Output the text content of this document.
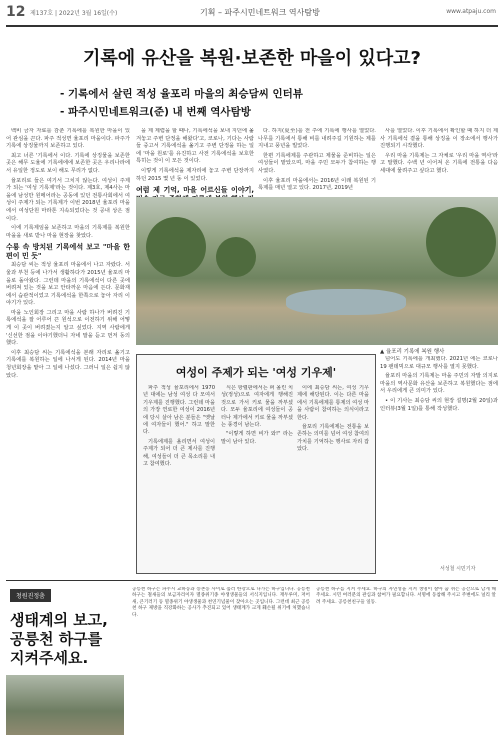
12 제137호 | 2022년 3월 16일(수)	기획 – 파주시민네트워크 역사탐방	www.atpaju.com
기록에 유산을 복원·보존한 마을이 있다고?
- 기록에서 살린 적성 율포리 마을의 최승담씨 인터뷰
- 파주시민네트워크(준) 내 번째 역사탐방

백비 금자 자료를 감춘 기록에를 복원한 마을이 있어 관심을 끈다. 파주 적성면 율포리 마을이다. 파주가 기록에 상징물까지 보존하고 있다.

최고 너른 '기록에서 이다. 기록에 상징물을 보존한 곳은 해무 도율에 기록에에에 보존한 곳은 우리나라에서 유일한 정도로 보이 해도 무리가 없다.

율포리로 들은 여기서 그치지 않는다. 여성이 주제가 되는 '여성 기록제'라는 것이다. 제3호, 제4사는 마을에 남성만 원메어라는 공동에 있던 전통사회에서 여성이 주제가 되는 기록제가 이번 2018년 율포리 마을에서 여성단원 마라톤 지속되었다는 것 공내 상은 점이다.

이에 기록제임을 보존하고 마을의 기록제를 복원한 마을을 새로 받나 마을 현장을 찾았다.

수룡 속 방치된 기록에석 보고 "마을 한편이 민 듯"

최승담 씨는 적성 율포리 마을에서 나고 자랐다. 서울과 부천 등에 나가서 생활하다가 2015년 율포리 마을로 돌아왔다. 그런데 마을의 기록에석이 다른 곳에 버려져 있는 것을 보고 안타까운 마음에 든다. 문화재에서 습관적이었고 기록에석을 한쪽으로 놓아 자리 이야기가 있다.

마을 노인회장 그리고 마을 사람 하나가 버려진 기록에석을 잘 어루어 끈 원석으로 이전하기 위해 어떻게 이 곳이 버려졌는지 알고 싶었다. 지역 사람에게 '신선한 점을 이야기했더니 자네 말을 듣고 먼저 동의했다.

이후 최승담 씨는 기록에석을 본래 자리로 옮기고 기록에를 복원하는 일에 나서게 된다. 2014년 마을 청년회장을 맡아 그 일에 나섰다. 그러니 일은 쉽지 않았다.

을 제 제렴을 할 때나, 기록에석을 보내 지던에 옮겨놓고 주변 단정을 해왔다'고, 코로나, 기다는 사람들 중고서 기록에석을 옮기고 주변 단정을 하는 일에 '마을 원로'를 유진하고 사전 기록에석을 보호한 특히는 것이 이 모든 것이다.

이렇게 기록에석을 제자리에 놓고 주변 단장까지 하던 2015 몇 년 동 이 있었다.

여럼 제 기억, 마을 어르신들 이야기,

다. 하지(夏至)를 전 주에 기록에 행사를 열었다. 나무를 기록에서 통해 비를 내려주길 기원하는 제를 지내고 풍년을 빌었다.

한편 기록에제를 주관하고 제물을 준비하는 일은 여성들이 맡았으며, 마을 주민 모두가 참여하는 행사였다.

이후 율포리 마을에서는 2016년 이래 복원된 기록제를 매년 열고 있다. 2017년, 2019년

사를 열었다. 이후 기록에서 확인할 때 하지 더 제사 기록에석 곁을 통해 상징을 이 장소에서 행사가 진행되기 시작했다.

우리 마을 기록제는 그 자체로 '우리 마을 역사'라고 말했다. 수백 년 이어져 온 기록에 전통을 다음 세대에 물려주고 싶다고 했다.

▲ 율포리 기록에 복원 행사
여성이 주제가 되는 '여성 기우제'

파주 적성 율포리에서 1970년 대에는 남성 여성 다 모여서 기우제를 진행했다. 그런데 마을의 가장 연로한 여성이 2016년에 당시 살아 남은 분들은 "옛날에 여자들이 했어." 하고 말한다.

기록에제를 올리면서 여성이 주제가 되어 더 큰 제사를 진행해, 여성들이 더 큰 목소리를 내고 참여했다.

식은 항렬판에서는 퍼 올린 치성(정성)으로 여자에게 행해진 것으로 가서 키로 물을 까부셨다. 모두 율포리에 여성들이 공터나 제가에서 키로 물을 까부셨는 풍경이 남는다.

"이렇게 하면 비가 와!" 라는 말이 남아 있다.

이에 최승담 씨는, 여성 기우제에 해당된다. 이는 다른 마을에서 기록에제를 통제의 여성 마을 사람이 참여하는 의식이라고 한다.

율포리 기록에제는 전통을 보존하는 의미를 넘어 여성 참여의 가치를 기억하는 행사로 자리 잡았다.

넘어도 기록에를 개최했다. 2021년 에는 코로나19 팬데믹으로 대규모 행사를 열지 못했다.

율포리 마을의 기록제는 마을 주민의 자발 의지로 마을의 역사문화 유산을 보존하고 복원했다는 점에서 우리에게 큰 의미가 있다.

• 이 기사는 최승담 씨의 현장 설명(2월 20일)과 인터뷰(3월 1일)를 통해 작성했다.

서성철 시민기자
청원진정춤
생태계의 보고, 공릉천 하구를 지켜주세요.

공릉천 하구는 파주시 교하동과 송촌동 사이로 흘러 한강으로 나가는 하구입니다. 공릉천 하구는 철새들의 보금자리이자 멸종위기종 야생생물들의 서식지입니다. 재두루미, 저어새, 큰기러기 등 멸종위기 야생생물과 천연기념물이 찾아오는 곳입니다. 그런데 최근 공릉천 하구 제방을 직강화하는 공사가 추진되고 있어 생태계가 크게 훼손될 위기에 처했습니다.

공릉천 하구를 지켜 주세요. 하구의 자연성을 지켜 생명이 살아 숨 쉬는 공간으로 남게 해주세요. 시민 여러분의 관심과 참여가 필요합니다. 서명에 동참해 주시고 주변에도 널리 알려 주세요. 공릉천친구들 일동.
